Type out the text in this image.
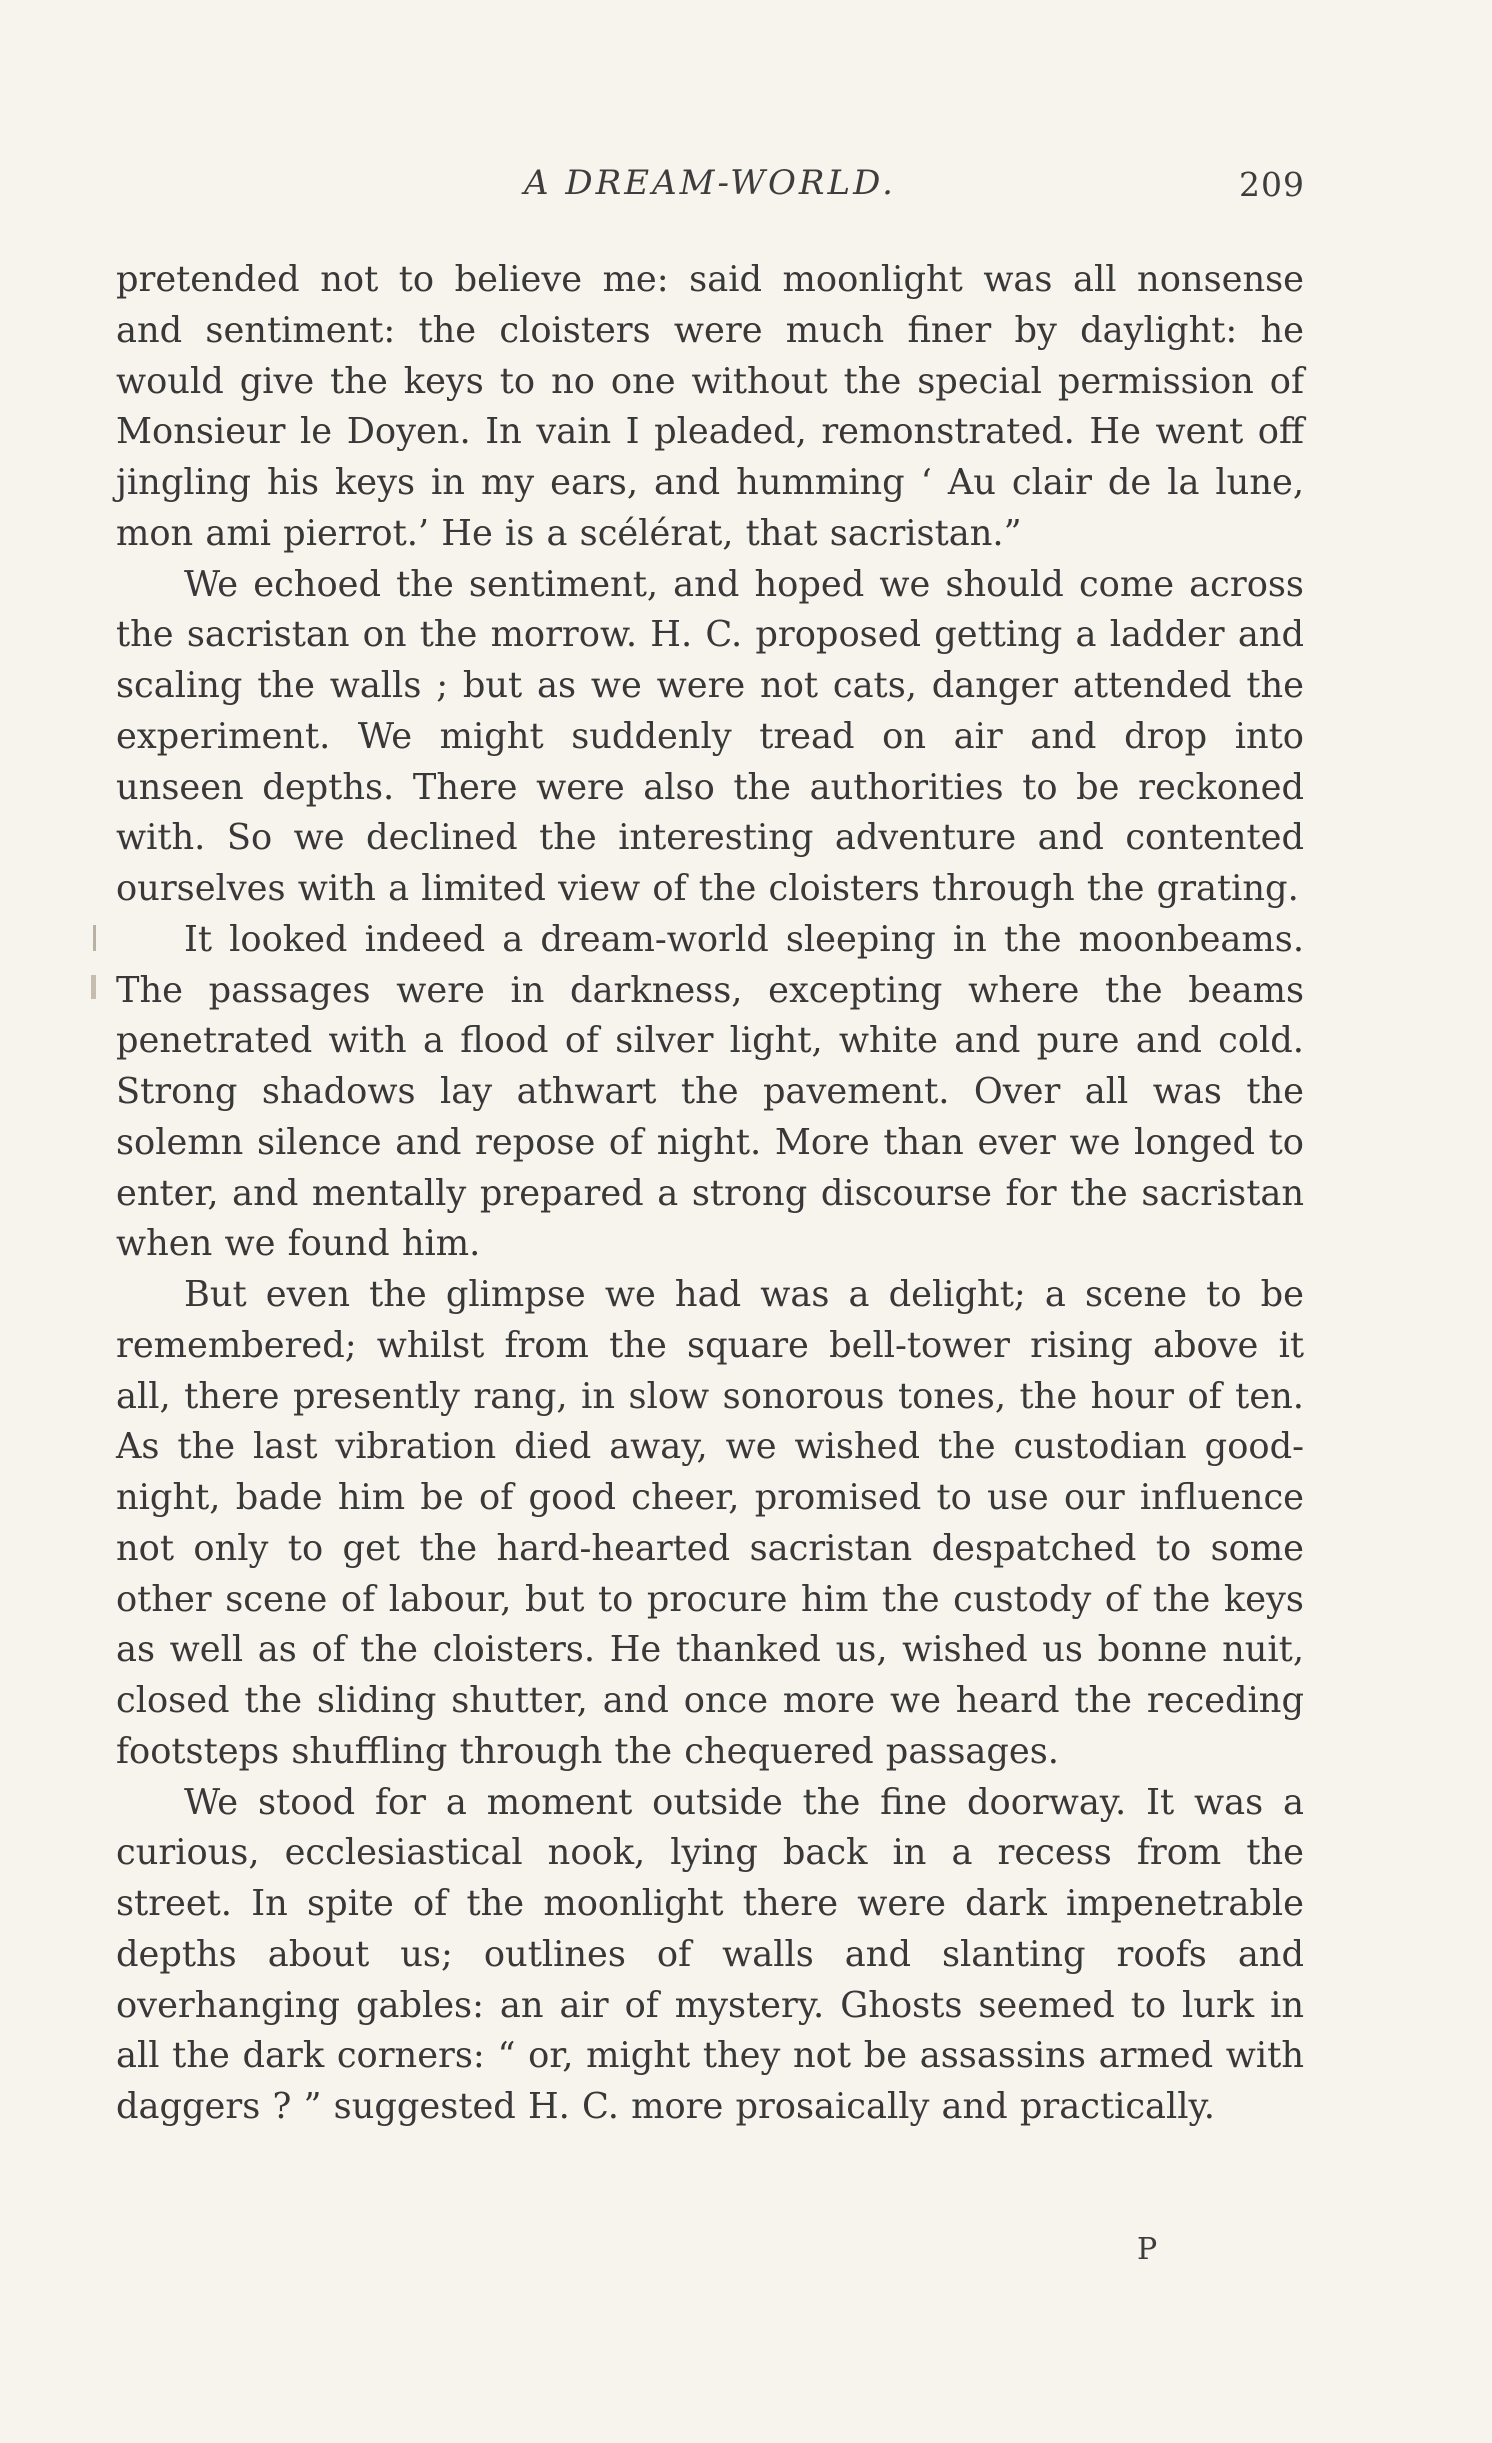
A DREAM-WORLD.	209

pretended not to believe me: said moonlight was all nonsense and sentiment: the cloisters were much finer by daylight: he would give the keys to no one without the special permission of Monsieur le Doyen. In vain I pleaded, remonstrated. He went off jingling his keys in my ears, and humming ‘ Au clair de la lune, mon ami pierrot.’ He is a scélérat, that sacristan.”

We echoed the sentiment, and hoped we should come across the sacristan on the morrow. H. C. proposed getting a ladder and scaling the walls ; but as we were not cats, danger attended the experiment. We might suddenly tread on air and drop into unseen depths. There were also the authorities to be reckoned with. So we declined the interesting adventure and contented ourselves with a limited view of the cloisters through the grating.

It looked indeed a dream-world sleeping in the moonbeams. The passages were in darkness, excepting where the beams penetrated with a flood of silver light, white and pure and cold. Strong shadows lay athwart the pavement. Over all was the solemn silence and repose of night. More than ever we longed to enter, and mentally prepared a strong discourse for the sacristan when we found him.

But even the glimpse we had was a delight; a scene to be remembered; whilst from the square bell-tower rising above it all, there presently rang, in slow sonorous tones, the hour of ten. As the last vibration died away, we wished the custodian good-night, bade him be of good cheer, promised to use our influence not only to get the hard-hearted sacristan despatched to some other scene of labour, but to procure him the custody of the keys as well as of the cloisters. He thanked us, wished us bonne nuit, closed the sliding shutter, and once more we heard the receding footsteps shuffling through the chequered passages.

We stood for a moment outside the fine doorway. It was a curious, ecclesiastical nook, lying back in a recess from the street. In spite of the moonlight there were dark impenetrable depths about us; outlines of walls and slanting roofs and overhanging gables: an air of mystery. Ghosts seemed to lurk in all the dark corners: “ or, might they not be assassins armed with daggers ? ” suggested H. C. more prosaically and practically.

P
